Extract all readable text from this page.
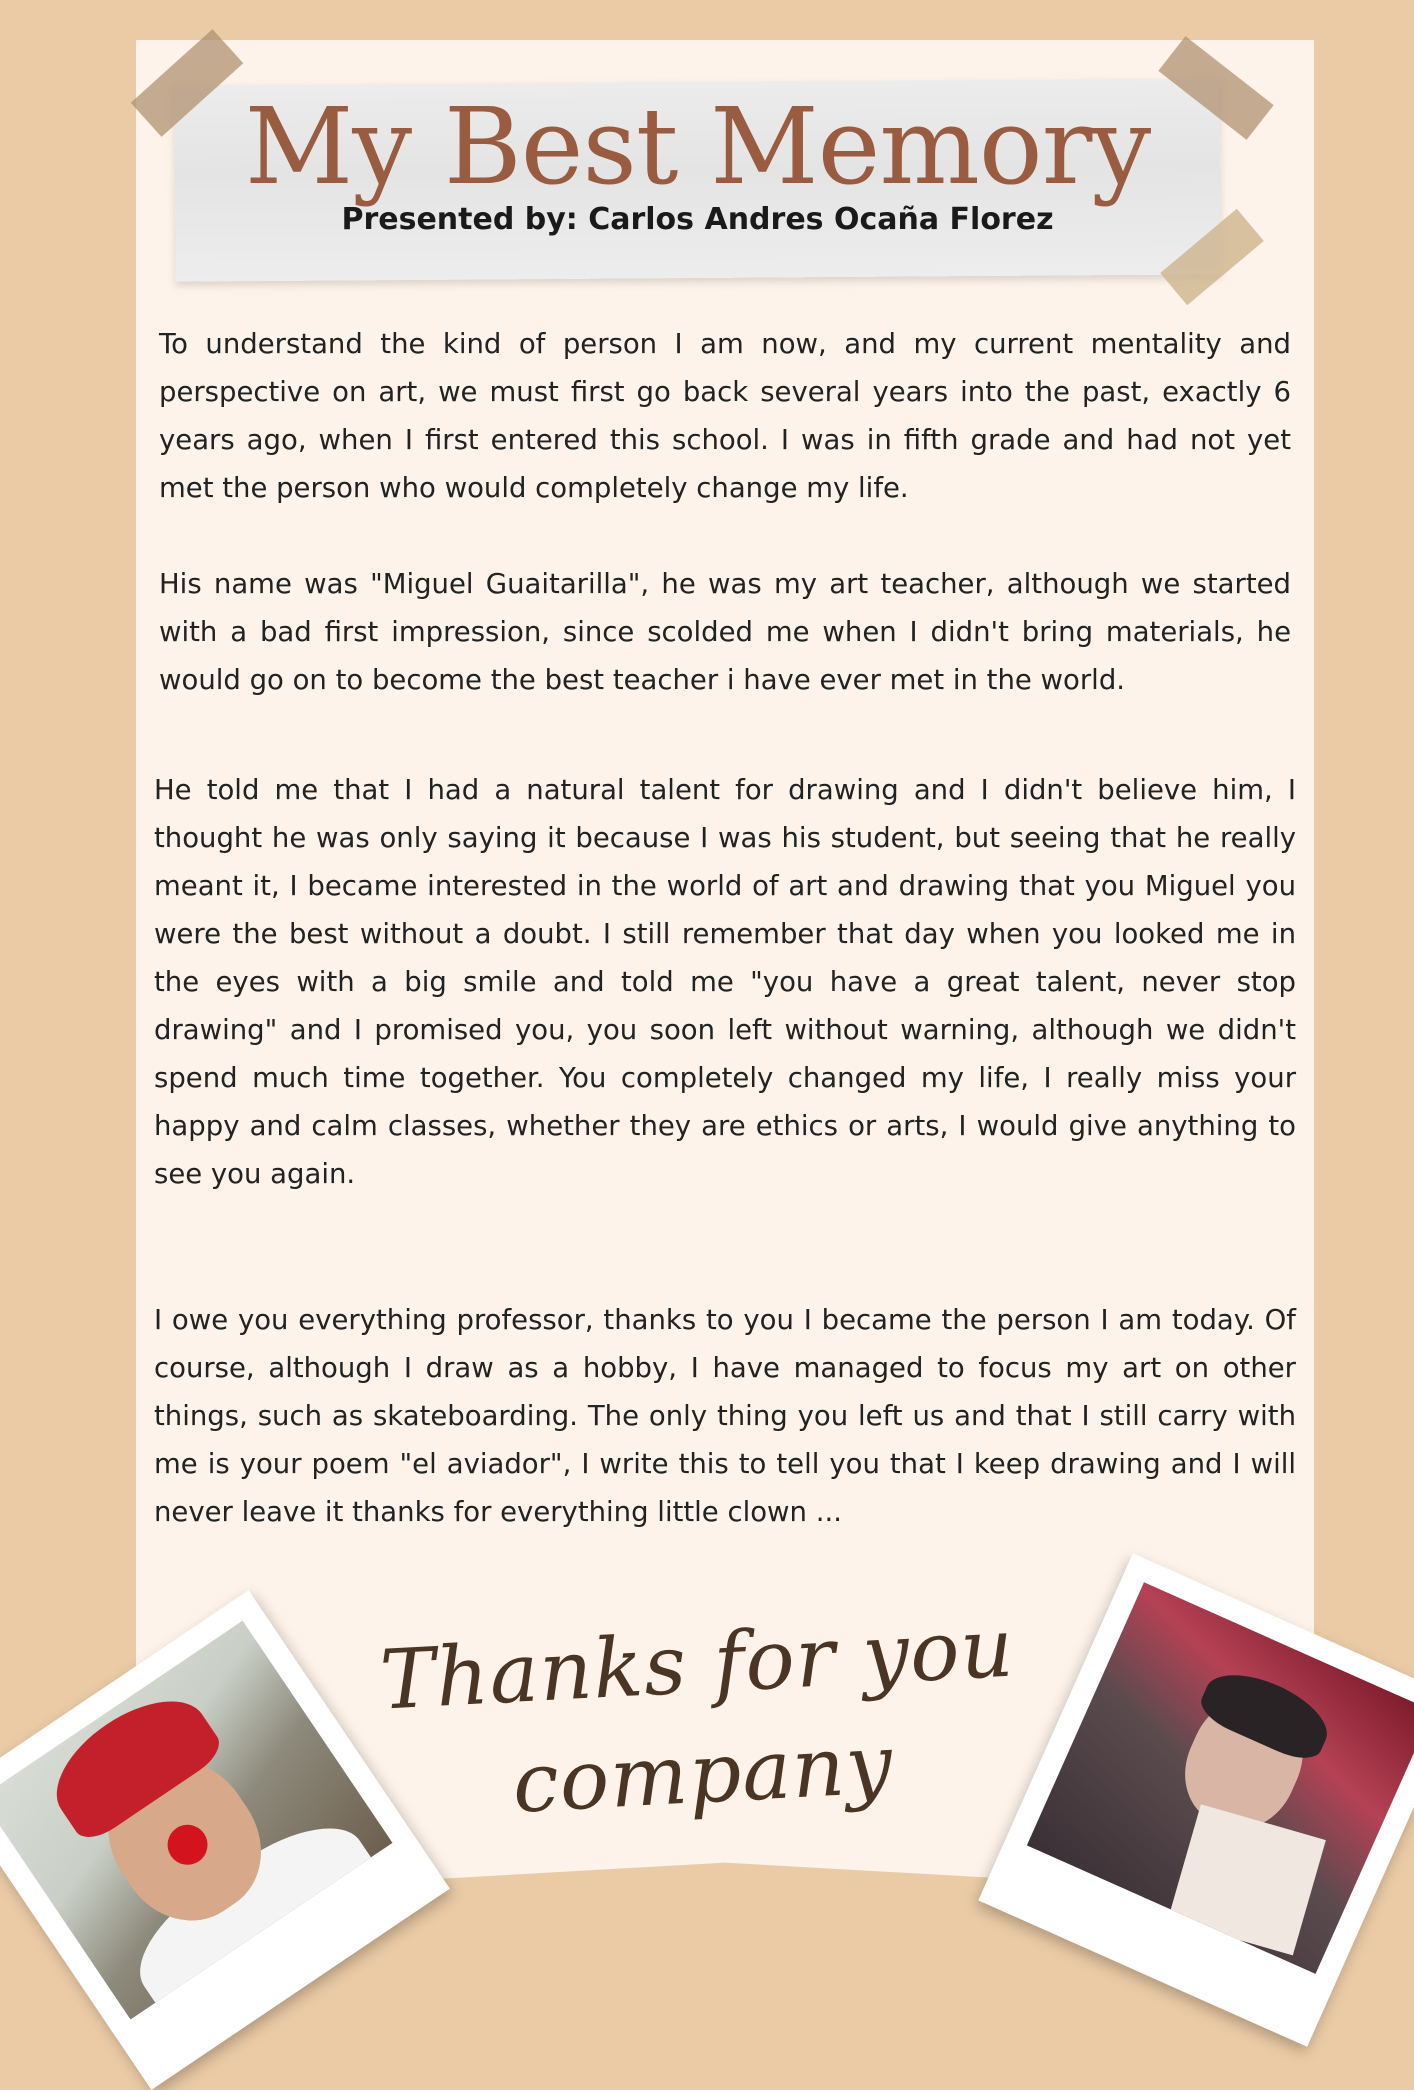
My Best Memory

Presented by: Carlos Andres Ocaña Florez

To understand the kind of person I am now, and my current mentality and perspective on art, we must first go back several years into the past, exactly 6 years ago, when I first entered this school. I was in fifth grade and had not yet met the person who would completely change my life.

His name was "Miguel Guaitarilla", he was my art teacher, although we started with a bad first impression, since scolded me when I didn't bring materials, he would go on to become the best teacher i have ever met in the world.

He told me that I had a natural talent for drawing and I didn't believe him, I thought he was only saying it because I was his student, but seeing that he really meant it, I became interested in the world of art and drawing that you Miguel you were the best without a doubt. I still remember that day when you looked me in the eyes with a big smile and told me "you have a great talent, never stop drawing" and I promised you, you soon left without warning, although we didn't spend much time together. You completely changed my life, I really miss your happy and calm classes, whether they are ethics or arts, I would give anything to see you again.

I owe you everything professor, thanks to you I became the person I am today. Of course, although I draw as a hobby, I have managed to focus my art on other things, such as skateboarding. The only thing you left us and that I still carry with me is your poem "el aviador", I write this to tell you that I keep drawing and I will never leave it thanks for everything little clown ...

Thanks for you company
